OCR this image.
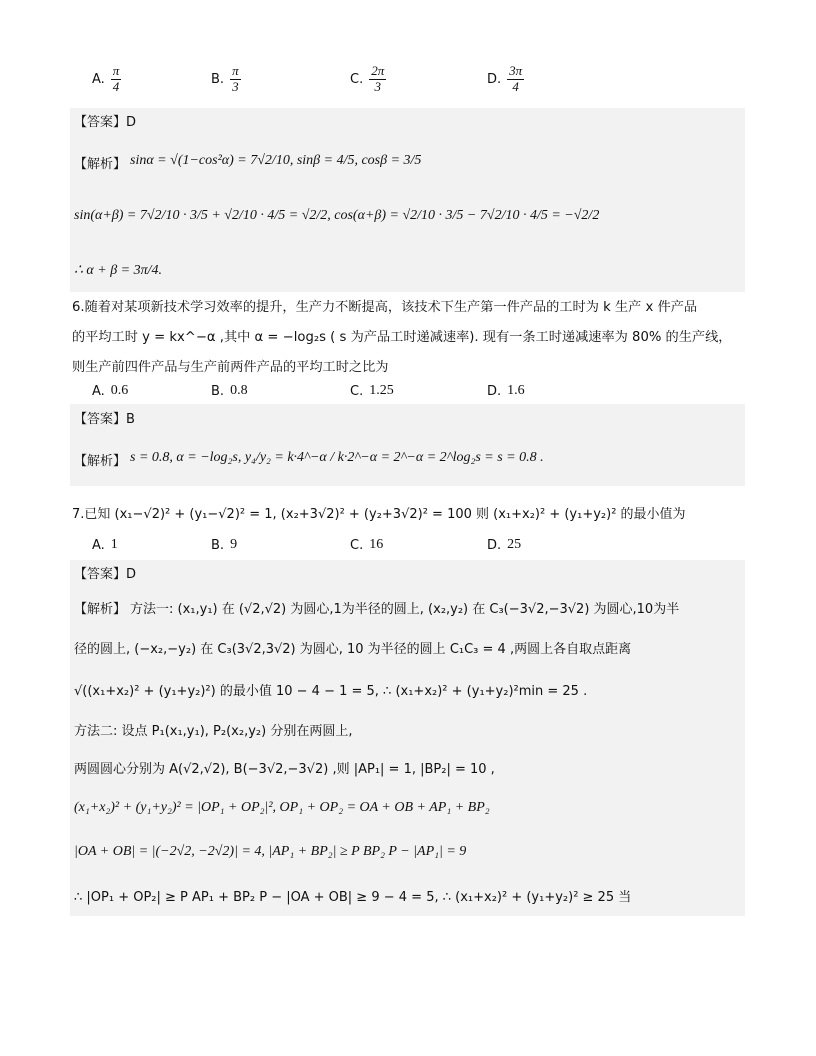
A. $\frac{\pi}{4}$	B. $\frac{\pi}{3}$	C. $\frac{2\pi}{3}$	D. $\frac{3\pi}{4}$
【答案】D
【解析】 sinα = √(1−cos²α) = 7√2/10, sinβ = 4/5, cosβ = 3/5
sin(α+β) = 7√2/10 · 3/5 + √2/10 · 4/5 = √2/2, cos(α+β) = √2/10 · 3/5 − 7√2/10 · 4/5 = −√2/2
∴ α + β = 3π/4.
6.随着对某项新技术学习效率的提升，生产力不断提高，该技术下生产第一件产品的工时为 k 生产 x 件产品
的平均工时 y = kx^−α ,其中 α = −log₂s ( s 为产品工时递减速率). 现有一条工时递减速率为 80% 的生产线，
则生产前四件产品与生产前两件产品的平均工时之比为
A. 0.6	B. 0.8	C. 1.25	D. 1.6
【答案】B
【解析】 s = 0.8, α = −log₂s, y₄/y₂ = k·4^−α / k·2^−α = 2^−α = 2^log₂s = s = 0.8 .
7.已知 (x₁−√2)² + (y₁−√2)² = 1, (x₂+3√2)² + (y₂+3√2)² = 100 则 (x₁+x₂)² + (y₁+y₂)² 的最小值为
A. 1	B. 9	C. 16	D. 25
【答案】D
【解析】 方法一: (x₁,y₁) 在 (√2,√2) 为圆心,1为半径的圆上, (x₂,y₂) 在 C₃(−3√2,−3√2) 为圆心,10为半
径的圆上, (−x₂,−y₂) 在 C₃(3√2,3√2) 为圆心, 10 为半径的圆上 C₁C₃ = 4 ,两圆上各自取点距离
√((x₁+x₂)² + (y₁+y₂)²) 的最小值 10 − 4 − 1 = 5, ∴ (x₁+x₂)² + (y₁+y₂)²min = 25 .
方法二: 设点 P₁(x₁,y₁), P₂(x₂,y₂) 分别在两圆上,
两圆圆心分别为 A(√2,√2), B(−3√2,−3√2) ,则 |AP₁| = 1, |BP₂| = 10 ,
(x₁+x₂)² + (y₁+y₂)² = |OP₁ + OP₂|², OP₁ + OP₂ = OA + OB + AP₁ + BP₂
|OA + OB| = |(−2√2, −2√2)| = 4, |AP₁ + BP₂| ≥ P BP₂ P − |AP₁| = 9
∴ |OP₁ + OP₂| ≥ P AP₁ + BP₂ P − |OA + OB| ≥ 9 − 4 = 5, ∴ (x₁+x₂)² + (y₁+y₂)² ≥ 25 当
